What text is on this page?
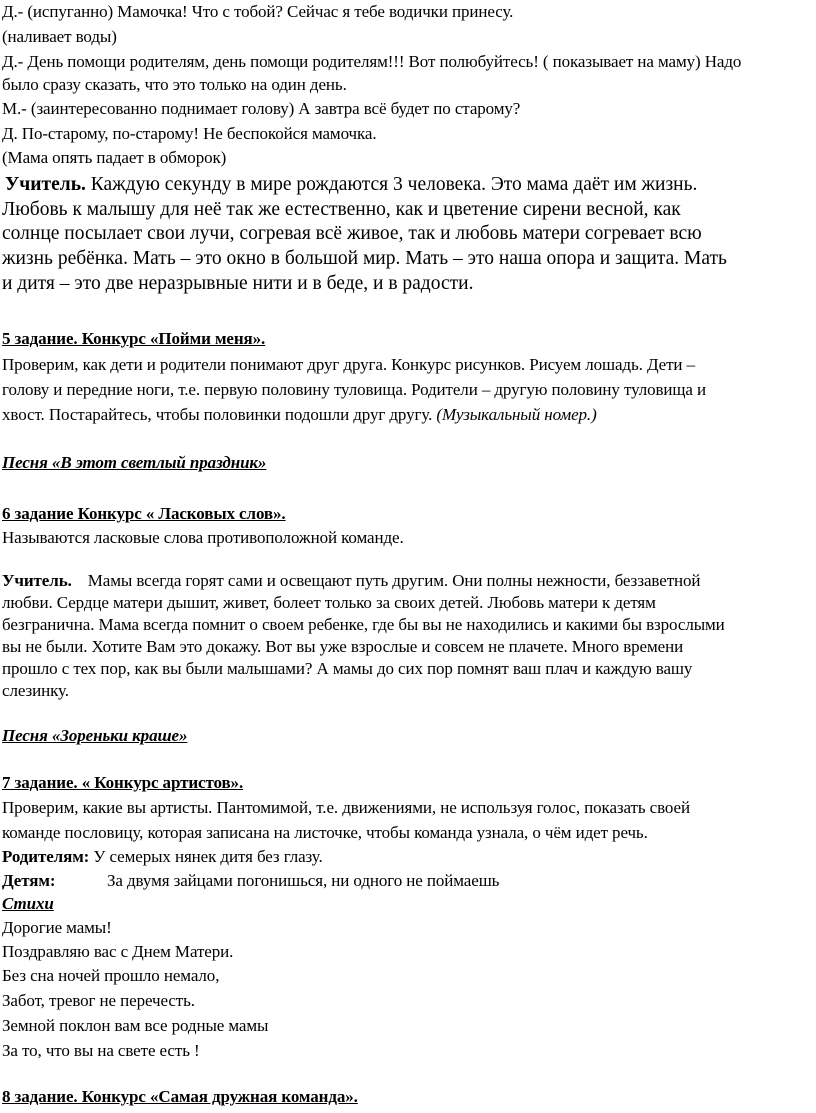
Д.- (испуганно) Мамочка! Что с тобой? Сейчас я тебе водички принесу.
(наливает воды)
Д.- День помощи родителям, день помощи родителям!!! Вот полюбуйтесь! ( показывает на маму) Надо
было сразу сказать, что это только на один день.
М.- (заинтересованно поднимает голову) А завтра всё будет по старому?
Д. По-старому, по-старому! Не беспокойся мамочка.
(Мама опять падает в обморок)
Учитель. Каждую секунду в мире рождаются 3 человека. Это мама даёт им жизнь.
Любовь к малышу для неё так же естественно, как и цветение сирени весной, как
солнце посылает свои лучи, согревая всё живое, так и любовь матери согревает всю
жизнь ребёнка. Мать – это окно в большой мир. Мать – это наша опора и защита. Мать
и дитя – это две неразрывные нити и в беде, и в радости.
5 задание. Конкурс «Пойми меня».
Проверим, как дети и родители понимают друг друга. Конкурс рисунков. Рисуем лошадь. Дети –
голову и передние ноги, т.е. первую половину туловища. Родители – другую половину туловища и
хвост. Постарайтесь, чтобы половинки подошли друг другу. (Музыкальный номер.)
Песня «В этот светлый праздник»
6 задание Конкурс « Ласковых слов».
Называются ласковые слова противоположной команде.
Учитель. Мамы всегда горят сами и освещают путь другим. Они полны нежности, беззаветной
любви. Сердце матери дышит, живет, болеет только за своих детей. Любовь матери к детям
безгранична. Мама всегда помнит о своем ребенке, где бы вы не находились и какими бы взрослыми
вы не были. Хотите Вам это докажу. Вот вы уже взрослые и совсем не плачете. Много времени
прошло с тех пор, как вы были малышами? А мамы до сих пор помнят ваш плач и каждую вашу
слезинку.
Песня «Зореньки краше»
7 задание. « Конкурс артистов».
Проверим, какие вы артисты. Пантомимой, т.е. движениями, не используя голос, показать своей
команде пословицу, которая записана на листочке, чтобы команда узнала, о чём идет речь.
Родителям: У семерых нянек дитя без глазу.
Детям:	За двумя зайцами погонишься, ни одного не поймаешь
Стихи
Дорогие мамы!
Поздравляю вас с Днем Матери.
Без сна ночей прошло немало,
Забот, тревог не перечесть.
Земной поклон вам все родные мамы
За то, что вы на свете есть !
8 задание. Конкурс «Самая дружная команда».
